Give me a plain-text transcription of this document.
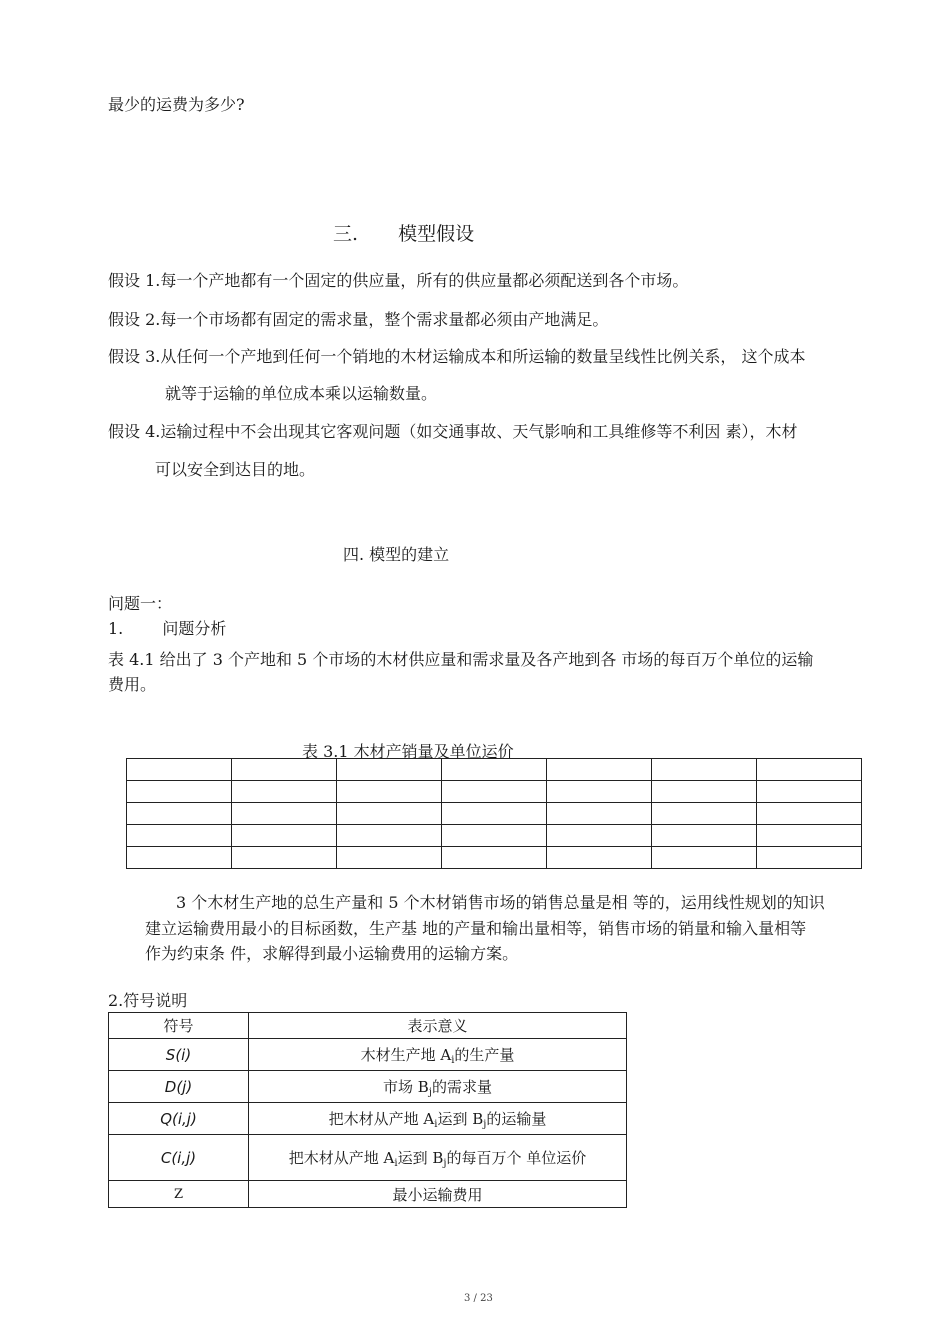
最少的运费为多少?
三. 模型假设
假设 1.每一个产地都有一个固定的供应量，所有的供应量都必须配送到各个市场。
假设 2.每一个市场都有固定的需求量，整个需求量都必须由产地满足。
假设 3.从任何一个产地到任何一个销地的木材运输成本和所运输的数量呈线性比例关系， 这个成本
就等于运输的单位成本乘以运输数量。
假设 4.运输过程中不会出现其它客观问题（如交通事故、天气影响和工具维修等不利因 素），木材
可以安全到达目的地。
四. 模型的建立
问题一：
1. 问题分析
表 4.1 给出了 3 个产地和 5 个市场的木材供应量和需求量及各产地到各 市场的每百万个单位的运输
费用。
表 3.1 木材产销量及单位运价

3 个木材生产地的总生产量和 5 个木材销售市场的销售总量是相 等的，运用线性规划的知识
建立运输费用最小的目标函数，生产基 地的产量和输出量相等，销售市场的销量和输入量相等
作为约束条 件，求解得到最小运输费用的运输方案。
2.符号说明
符号	表示意义
S(i)	木材生产地 $A_i$的生产量
D(j)	市场 $B_j$的需求量
Q(i,j)	把木材从产地 $A_i$运到 $B_j$的运输量
C(i,j)	把木材从产地 $A_i$运到 $B_j$的每百万个 单位运价
Z	最小运输费用
3 / 23
